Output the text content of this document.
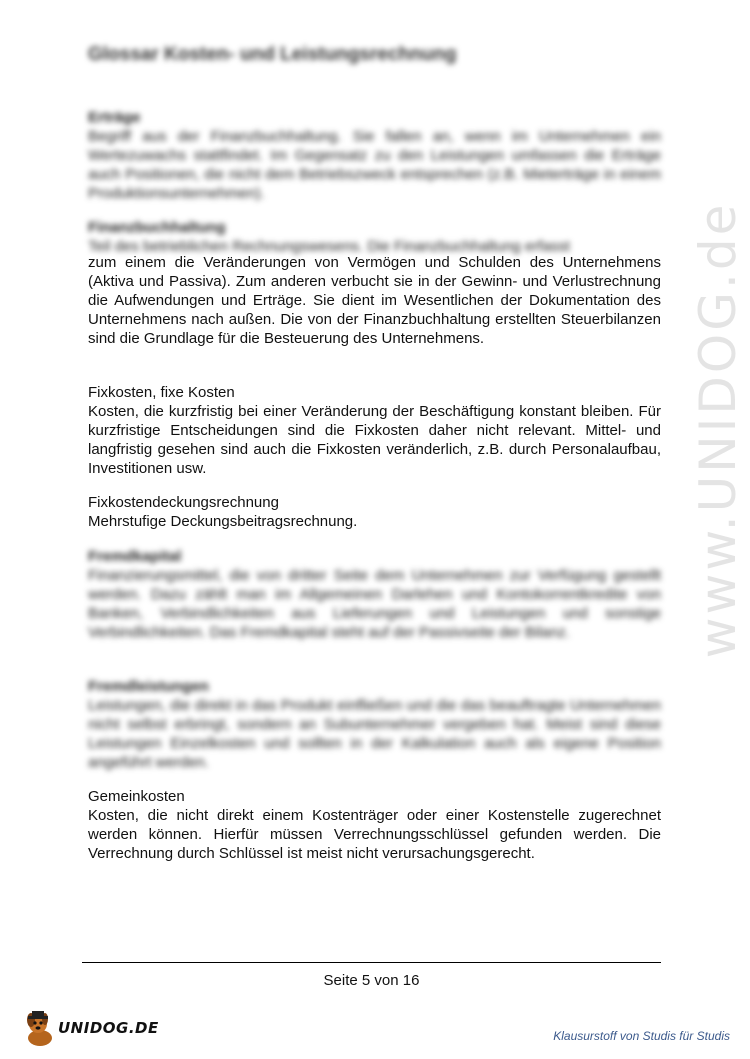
www.UNIDOG.de
Glossar Kosten- und Leistungsrechnung
Erträge
Begriff aus der Finanzbuchhaltung. Sie fallen an, wenn im Unternehmen ein Wertezuwachs stattfindet. Im Gegensatz zu den Leistungen umfassen die Erträge auch Positionen, die nicht dem Betriebszweck entsprechen (z.B. Mieterträge in einem Produktionsunternehmen).
Finanzbuchhaltung
Teil des betrieblichen Rechnungswesens. Die Finanzbuchhaltung erfasst
zum einem die Veränderungen von Vermögen und Schulden des Unternehmens (Aktiva und Passiva). Zum anderen verbucht sie in der Gewinn- und Verlustrechnung die Aufwendungen und Erträge. Sie dient im Wesentlichen der Dokumentation des Unternehmens nach außen. Die von der Finanzbuchhaltung erstellten Steuerbilanzen sind die Grundlage für die Besteuerung des Unternehmens.
Fixkosten, fixe Kosten
Kosten, die kurzfristig bei einer Veränderung der Beschäftigung konstant bleiben. Für kurzfristige Entscheidungen sind die Fixkosten daher nicht relevant. Mittel- und langfristig gesehen sind auch die Fixkosten veränderlich, z.B. durch Personalaufbau, Investitionen usw.
Fixkostendeckungsrechnung
Mehrstufige Deckungsbeitragsrechnung.
Fremdkapital
Finanzierungsmittel, die von dritter Seite dem Unternehmen zur Verfügung gestellt werden. Dazu zählt man im Allgemeinen Darlehen und Kontokorrentkredite von Banken, Verbindlichkeiten aus Lieferungen und Leistungen und sonstige Verbindlichkeiten. Das Fremdkapital steht auf der Passivseite der Bilanz.
Fremdleistungen
Leistungen, die direkt in das Produkt einfließen und die das beauftragte Unternehmen nicht selbst erbringt, sondern an Subunternehmer vergeben hat. Meist sind diese Leistungen Einzelkosten und sollten in der Kalkulation auch als eigene Position angeführt werden.
Gemeinkosten
Kosten, die nicht direkt einem Kostenträger oder einer Kostenstelle zugerechnet werden können. Hierfür müssen Verrechnungsschlüssel gefunden werden. Die Verrechnung durch Schlüssel ist meist nicht verursachungsgerecht.
Seite 5 von 16
UNIDOG.DE	Klausurstoff von Studis für Studis
